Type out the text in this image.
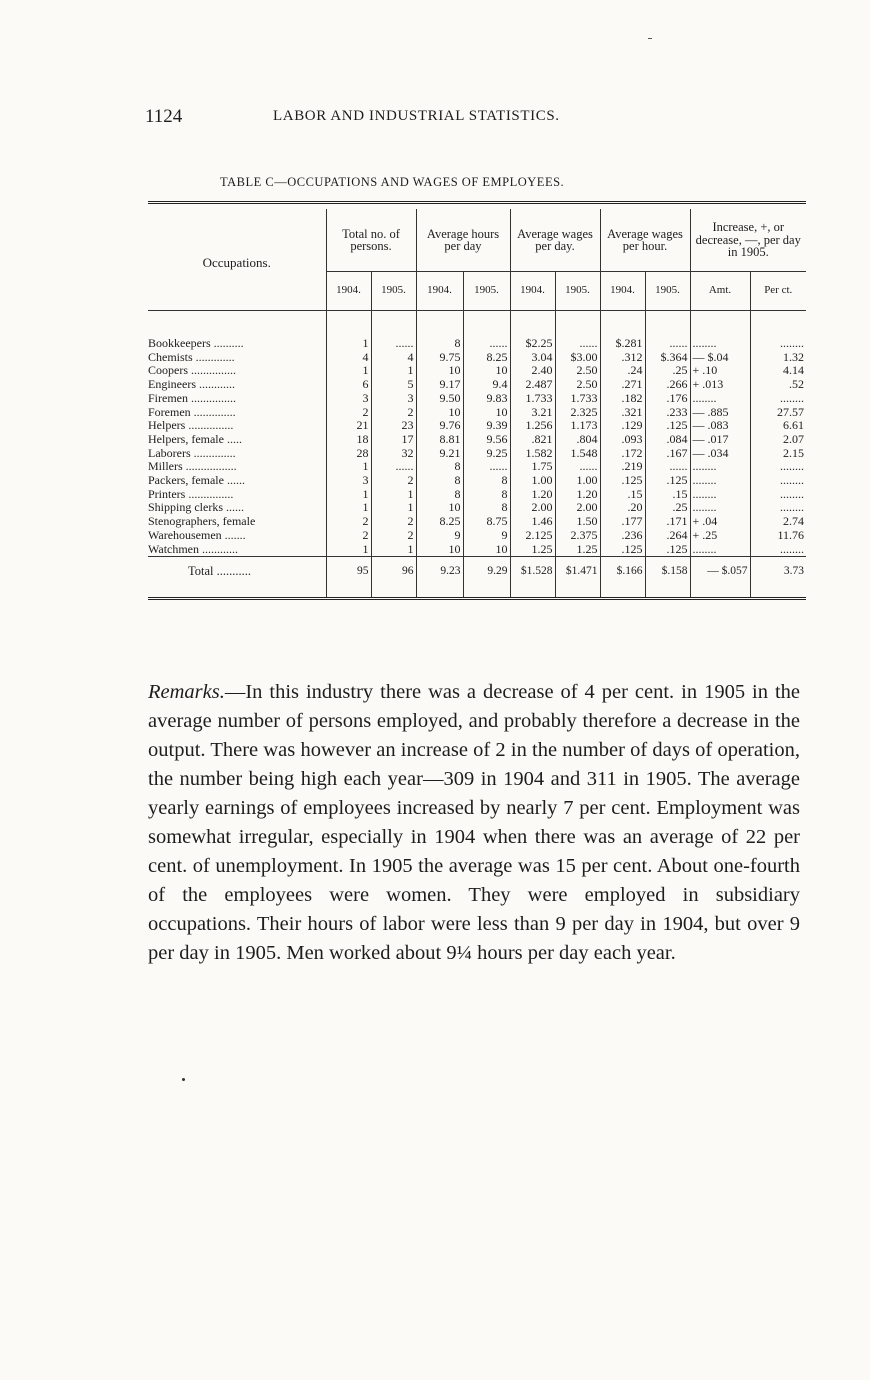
1124	LABOR AND INDUSTRIAL STATISTICS.
TABLE C—OCCUPATIONS AND WAGES OF EMPLOYEES.

Occupations.	Total no. of persons.		Average hours per day		Average wages per day.		Average wages per hour.		Increase, +, or decrease, —, per day in 1905.	
	1904.	1905.	1904.	1905.	1904.	1905.	1904.	1905.	Amt.	Per ct.

Bookkeepers ..........	1	......	8	......	$2.25	......	$.281	......	........	........
Chemists .............	4	4	9.75	8.25	3.04	$3.00	.312	$.364	— $.04	1.32
Coopers ...............	1	1	10	10	2.40	2.50	.24	.25	+ .10	4.14
Engineers ............	6	5	9.17	9.4	2.487	2.50	.271	.266	+ .013	.52
Firemen ...............	3	3	9.50	9.83	1.733	1.733	.182	.176	........	........
Foremen ..............	2	2	10	10	3.21	2.325	.321	.233	— .885	27.57
Helpers ...............	21	23	9.76	9.39	1.256	1.173	.129	.125	— .083	6.61
Helpers, female .....	18	17	8.81	9.56	.821	.804	.093	.084	— .017	2.07
Laborers ..............	28	32	9.21	9.25	1.582	1.548	.172	.167	— .034	2.15
Millers .................	1	......	8	......	1.75	......	.219	......	........	........
Packers, female ......	3	2	8	8	1.00	1.00	.125	.125	........	........
Printers ...............	1	1	8	8	1.20	1.20	.15	.15	........	........
Shipping clerks ......	1	1	10	8	2.00	2.00	.20	.25	........	........
Stenographers, female	2	2	8.25	8.75	1.46	1.50	.177	.171	+ .04	2.74
Warehousemen .......	2	2	9	9	2.125	2.375	.236	.264	+ .25	11.76
Watchmen ............	1	1	10	10	1.25	1.25	.125	.125	........	........
Total ...........	95	96	9.23	9.29	$1.528	$1.471	$.166	$.158	— $.057	3.73

Remarks.—In this industry there was a decrease of 4 per cent. in 1905 in the average number of persons employed, and probably therefore a decrease in the output. There was however an increase of 2 in the number of days of operation, the number being high each year—309 in 1904 and 311 in 1905. The average yearly earnings of employees increased by nearly 7 per cent. Employment was somewhat irregular, especially in 1904 when there was an average of 22 per cent. of unemployment. In 1905 the average was 15 per cent. About one-fourth of the employees were women. They were employed in subsidiary occupations. Their hours of labor were less than 9 per day in 1904, but over 9 per day in 1905. Men worked about 9¼ hours per day each year.
